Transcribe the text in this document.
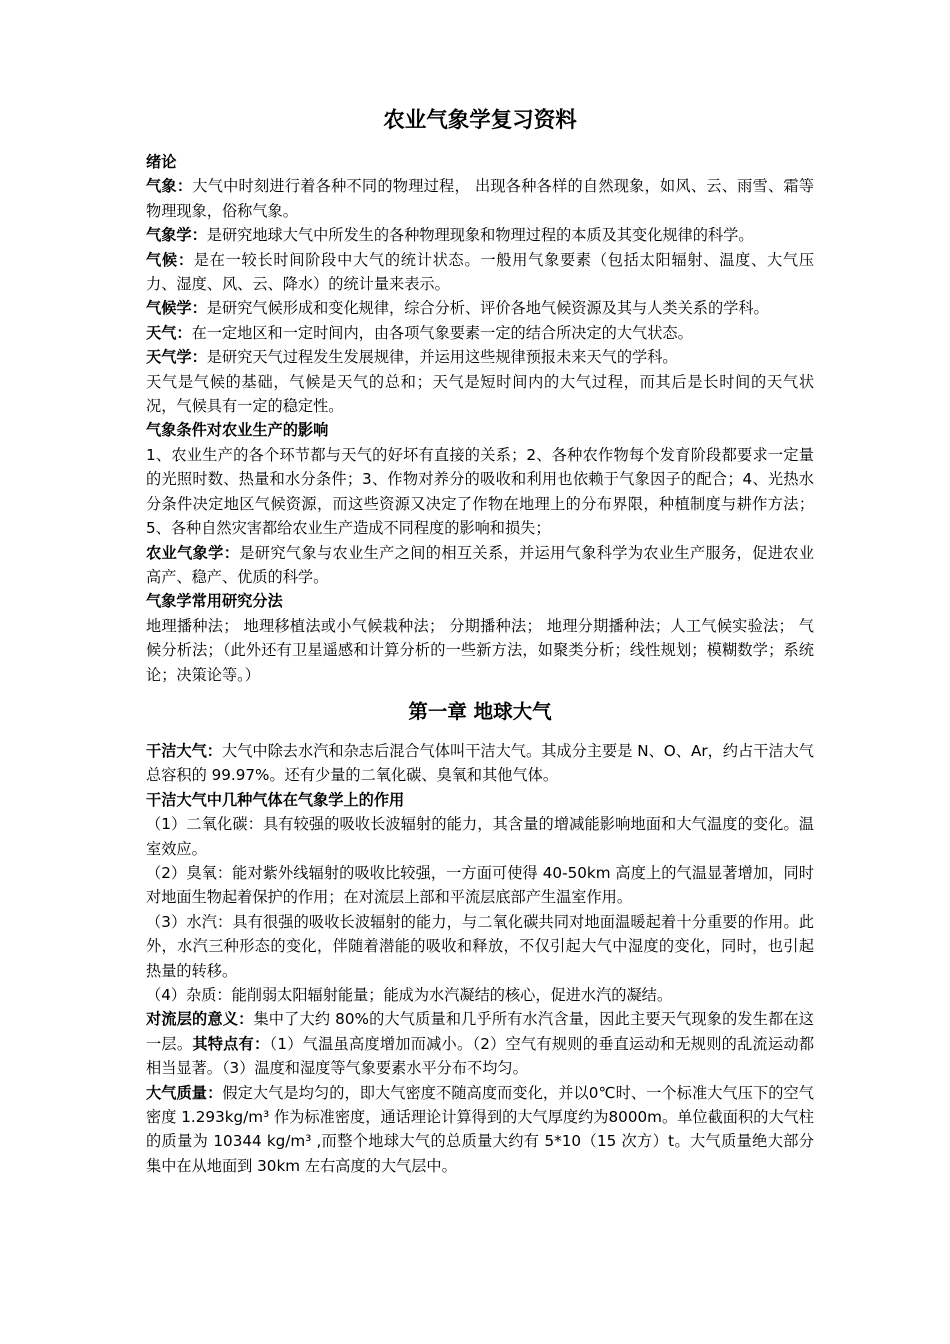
农业气象学复习资料
绪论

气象：大气中时刻进行着各种不同的物理过程， 出现各种各样的自然现象，如风、云、雨雪、霜等物理现象，俗称气象。

气象学：是研究地球大气中所发生的各种物理现象和物理过程的本质及其变化规律的科学。

气候：是在一较长时间阶段中大气的统计状态。一般用气象要素（包括太阳辐射、温度、大气压力、湿度、风、云、降水）的统计量来表示。

气候学：是研究气候形成和变化规律，综合分析、评价各地气候资源及其与人类关系的学科。

天气：在一定地区和一定时间内，由各项气象要素一定的结合所决定的大气状态。

天气学：是研究天气过程发生发展规律，并运用这些规律预报未来天气的学科。

天气是气候的基础，气候是天气的总和；天气是短时间内的大气过程，而其后是长时间的天气状况，气候具有一定的稳定性。

气象条件对农业生产的影响

1、农业生产的各个环节都与天气的好坏有直接的关系；2、各种农作物每个发育阶段都要求一定量的光照时数、热量和水分条件；3、作物对养分的吸收和利用也依赖于气象因子的配合；4、光热水分条件决定地区气候资源，而这些资源又决定了作物在地理上的分布界限，种植制度与耕作方法；5、各种自然灾害都给农业生产造成不同程度的影响和损失；

农业气象学：是研究气象与农业生产之间的相互关系，并运用气象科学为农业生产服务，促进农业高产、稳产、优质的科学。

气象学常用研究分法

地理播种法； 地理移植法或小气候栽种法； 分期播种法； 地理分期播种法；人工气候实验法； 气候分析法；（此外还有卫星遥感和计算分析的一些新方法，如聚类分析；线性规划；模糊数学；系统论；决策论等。）

第一章 地球大气

干洁大气：大气中除去水汽和杂志后混合气体叫干洁大气。其成分主要是 N、O、Ar，约占干洁大气总容积的 99.97%。还有少量的二氧化碳、臭氧和其他气体。

干洁大气中几种气体在气象学上的作用

（1）二氧化碳：具有较强的吸收长波辐射的能力，其含量的增减能影响地面和大气温度的变化。温室效应。

（2）臭氧：能对紫外线辐射的吸收比较强，一方面可使得 40-50km 高度上的气温显著增加，同时对地面生物起着保护的作用；在对流层上部和平流层底部产生温室作用。

（3）水汽：具有很强的吸收长波辐射的能力，与二氧化碳共同对地面温暖起着十分重要的作用。此外，水汽三种形态的变化，伴随着潜能的吸收和释放，不仅引起大气中湿度的变化，同时，也引起热量的转移。

（4）杂质：能削弱太阳辐射能量；能成为水汽凝结的核心，促进水汽的凝结。

对流层的意义：集中了大约 80%的大气质量和几乎所有水汽含量，因此主要天气现象的发生都在这一层。其特点有：（1）气温虽高度增加而减小。（2）空气有规则的垂直运动和无规则的乱流运动都相当显著。（3）温度和湿度等气象要素水平分布不均匀。

大气质量：假定大气是均匀的，即大气密度不随高度而变化，并以0℃时、一个标准大气压下的空气密度 1.293kg/m³ 作为标准密度，通话理论计算得到的大气厚度约为8000m。单位截面积的大气柱的质量为 10344 kg/m³ ,而整个地球大气的总质量大约有 5*10（15 次方）t。大气质量绝大部分集中在从地面到 30km 左右高度的大气层中。
